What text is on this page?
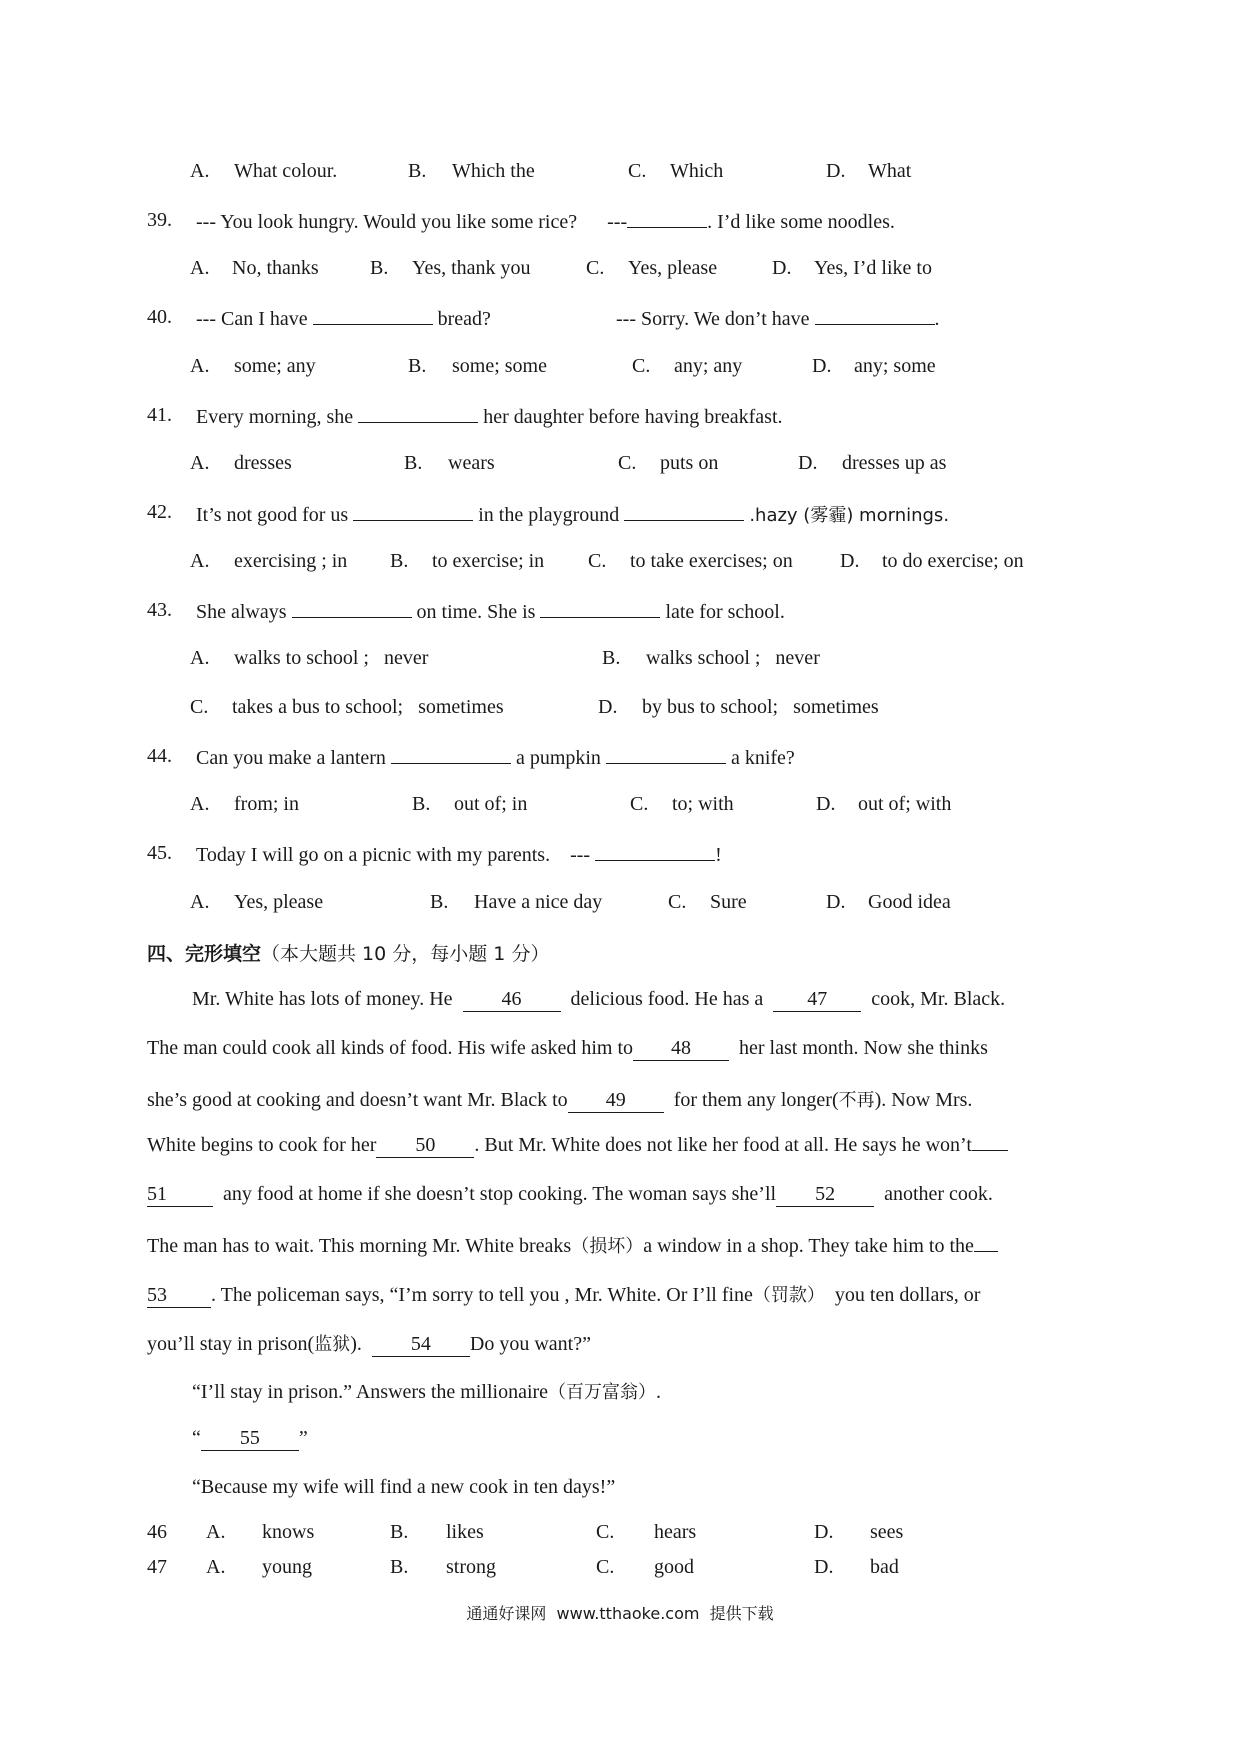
A. What colour.	B. Which the	C. Which	D. What
39. --- You look hungry. Would you like some rice? ---	. I’d like some noodles.
A. No, thanks	B. Yes, thank you	C. Yes, please	D. Yes, I’d like to
40. --- Can I have	bread?	--- Sorry. We don’t have	.
A. some; any	B. some; some	C. any; any	D. any; some
41. Every morning, she	her daughter before having breakfast.
A. dresses	B. wears	C. puts on	D. dresses up as
42. It’s not good for us	in the playground	.hazy (雾霾) mornings.
A. exercising ; in B. to exercise; in C. to take exercises; on D. to do exercise; on
43. She always	on time. She is	late for school.
A. walks to school ;   never	B. walks school ;   never
C. takes a bus to school;   sometimes	D. by bus to school;   sometimes
44. Can you make a lantern	a pumpkin	a knife?
A. from; in	B. out of; in	C. to; with	D. out of; with
45. Today I will go on a picnic with my parents. ---	!
A. Yes, please	B. Have a nice day	C. Sure	D. Good idea
四、完形填空（本大题共 10 分，每小题 1 分）
Mr. White has lots of money. He 46 delicious food. He has a 47 cook, Mr. Black.
The man could cook all kinds of food. His wife asked him to 48 her last month. Now she thinks
she’s good at cooking and doesn’t want Mr. Black to 49 for them any longer(不再). Now Mrs.
White begins to cook for her 50 . But Mr. White does not like her food at all. He says he won’t
51	any food at home if she doesn’t stop cooking. The woman says she’ll 52 another cook.
The man has to wait. This morning Mr. White breaks（损坏）a window in a shop. They take him to the
53 . The policeman says, “I’m sorry to tell you , Mr. White. Or I’ll fine（罚款） you ten dollars, or
you’ll stay in prison(监狱). 54 Do you want?”
“I’ll stay in prison.” Answers the millionaire（百万富翁）.
“ 55 ”
“Because my wife will find a new cook in ten days!”
46 A. knows	B. likes	C. hears	D. sees
47 A. young	B. strong	C. good	D. bad
通通好课网  www.tthaoke.com  提供下载
